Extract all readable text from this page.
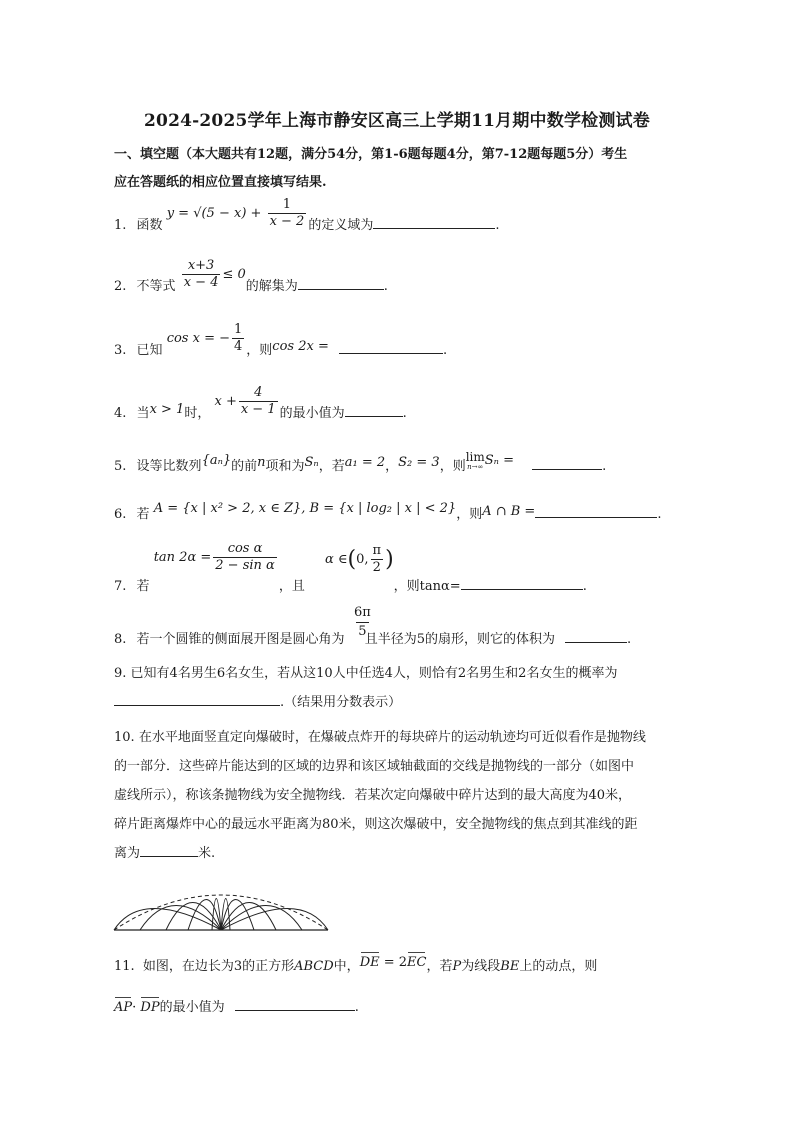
2024-2025学年上海市静安区高三上学期11月期中数学检测试卷
一、填空题（本大题共有12题，满分54分，第1-6题每题4分，第7-12题每题5分）考生
应在答题纸的相应位置直接填写结果.
1. 函数 $y = √(5 - x) + \frac{1}{x - 2}$ 的定义域为	.
2. 不等式 $\frac{x+3}{x - 4} \le 0$的解集为	.
3. 已知 cos x = − $\frac{1}{4}$ ，则cos 2x =	.
4. 当x > 1时， $x + \frac{4}{x - 1}$ 的最小值为	.
5. 设等比数列{aₙ}的前n项和为Sₙ，若a₁ = 2，S₂ = 3，则
lim
n→∞ Sₙ =	.
6. 若 A = {x | x² > 2, x ∈ Z}, B = {x | log₂ | x | < 2}，则A ∩ B =	.
7. 若 $\tan 2\alpha = \frac{\text{cos α}}{\text{2 − sin α}}$
，且 α ∈(0, $\frac{\pi}{2}$ )，则tanα=	.
8. 若一个圆锥的侧面展开图是圆心角为
6π
5
且半径为5的扇形，则它的体积为	.
9. 已知有4名男生6名女生，若从这10人中任选4人，则恰有2名男生和2名女生的概率为
.（结果用分数表示）
10. 在水平地面竖直定向爆破时，在爆破点炸开的每块碎片的运动轨迹均可近似看作是抛物线
的一部分．这些碎片能达到的区域的边界和该区域轴截面的交线是抛物线的一部分（如图中
虚线所示），称该条抛物线为安全抛物线．若某次定向爆破中碎片达到的最大高度为40米，
碎片距离爆炸中心的最远水平距离为80米，则这次爆破中，安全抛物线的焦点到其准线的距
离为	米.
11. 如图，在边长为3的正方形ABCD中，DE = 2EC，若P为线段BE上的动点，则
AP· DP的最小值为	.
